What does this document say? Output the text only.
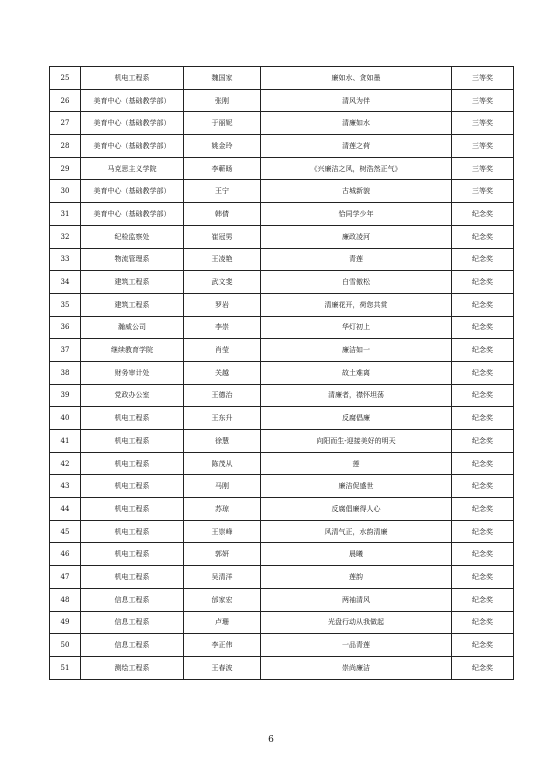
25	机电工程系	魏国家	廉如水、贪如墨	三等奖
26	美育中心（基础教学部）	张刚	清风为伴	三等奖
27	美育中心（基础教学部）	于丽妮	清廉如水	三等奖
28	美育中心（基础教学部）	姚金玲	清莲之荷	三等奖
29	马克思主义学院	李蕲旸	《兴廉洁之风，树浩然正气》	三等奖
30	美育中心（基础教学部）	王宁	古城新貌	三等奖
31	美育中心（基础教学部）	韩倩	恰同学少年	纪念奖
32	纪检监察处	崔冠男	廉政凌河	纪念奖
33	物流管理系	王凌艳	青莲	纪念奖
34	建筑工程系	武文斐	白雪傲松	纪念奖
35	建筑工程系	罗岩	清廉花开，荷您共赏	纪念奖
36	瀚威公司	李崇	华灯初上	纪念奖
37	继续教育学院	肖莹	廉洁如一	纪念奖
38	财务审计处	关越	故土难离	纪念奖
39	党政办公室	王德治	清廉者，襟怀坦荡	纪念奖
40	机电工程系	王东升	反腐倡廉	纪念奖
41	机电工程系	徐慧	向阳而生-迎接美好的明天	纪念奖
42	机电工程系	陈茂从	莲	纪念奖
43	机电工程系	马刚	廉洁促盛世	纪念奖
44	机电工程系	苏琼	反腐倡廉得人心	纪念奖
45	机电工程系	王崇峰	风清气正，水韵清廉	纪念奖
46	机电工程系	郭妍	晨曦	纪念奖
47	机电工程系	吴清洋	莲韵	纪念奖
48	信息工程系	邰家宏	两袖清风	纪念奖
49	信息工程系	卢珊	光盘行动从我做起	纪念奖
50	信息工程系	李正伟	一品青莲	纪念奖
51	测绘工程系	王春波	崇尚廉洁	纪念奖
6
